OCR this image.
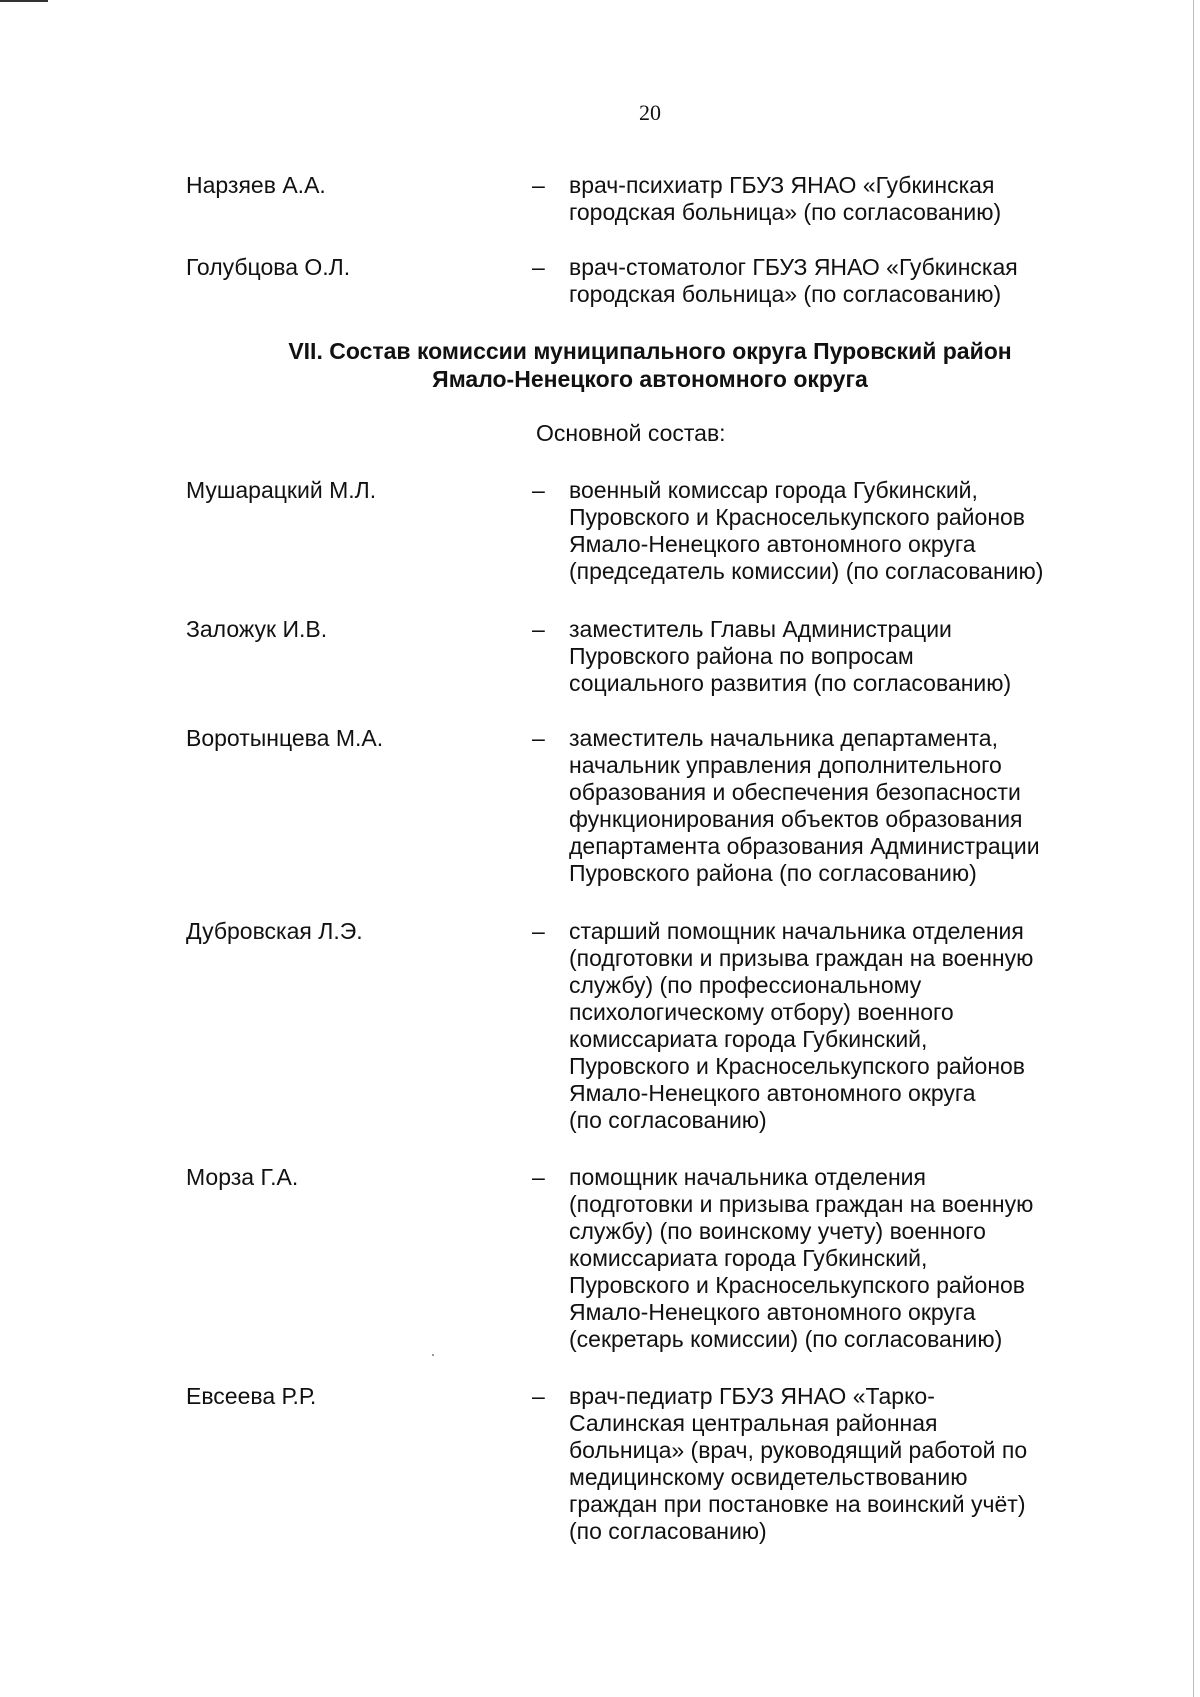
20
Нарзяев А.А.	– врач-психиатр ГБУЗ ЯНАО «Губкинская
городская больница» (по согласованию)
Голубцова О.Л.	– врач-стоматолог ГБУЗ ЯНАО «Губкинская
городская больница» (по согласованию)
VII. Состав комиссии муниципального округа Пуровский район
Ямало-Ненецкого автономного округа
Основной состав:
Мушарацкий М.Л.	– военный комиссар города Губкинский,
Пуровского и Красноселькупского районов
Ямало-Ненецкого автономного округа
(председатель комиссии) (по согласованию)
Заложук И.В.	– заместитель Главы Администрации
Пуровского района по вопросам
социального развития (по согласованию)
Воротынцева М.А.	– заместитель начальника департамента,
начальник управления дополнительного
образования и обеспечения безопасности
функционирования объектов образования
департамента образования Администрации
Пуровского района (по согласованию)
Дубровская Л.Э.	– старший помощник начальника отделения
(подготовки и призыва граждан на военную
службу) (по профессиональному
психологическому отбору) военного
комиссариата города Губкинский,
Пуровского и Красноселькупского районов
Ямало-Ненецкого автономного округа
(по согласованию)
Морза Г.А.	– помощник начальника отделения
(подготовки и призыва граждан на военную
службу) (по воинскому учету) военного
комиссариата города Губкинский,
Пуровского и Красноселькупского районов
Ямало-Ненецкого автономного округа
(секретарь комиссии) (по согласованию)
Евсеева Р.Р.	– врач-педиатр ГБУЗ ЯНАО «Тарко-
Салинская центральная районная
больница» (врач, руководящий работой по
медицинскому освидетельствованию
граждан при постановке на воинский учёт)
(по согласованию)
